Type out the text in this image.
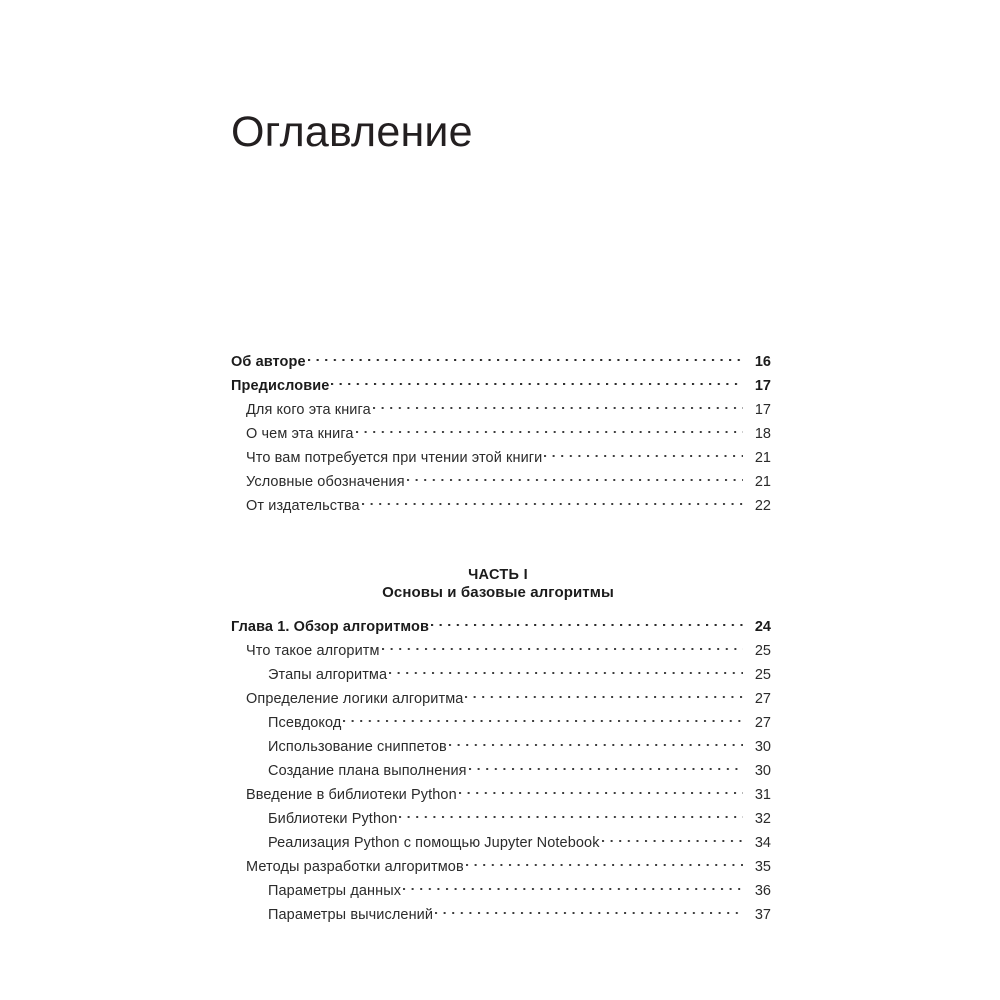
Оглавление
Об авторе	16
Предисловие	17
Для кого эта книга	17
О чем эта книга	18
Что вам потребуется при чтении этой книги	21
Условные обозначения	21
От издательства	22
ЧАСТЬ I
Основы и базовые алгоритмы
Глава 1. Обзор алгоритмов	24
Что такое алгоритм	25
Этапы алгоритма	25
Определение логики алгоритма	27
Псевдокод	27
Использование сниппетов	30
Создание плана выполнения	30
Введение в библиотеки Python	31
Библиотеки Python	32
Реализация Python с помощью Jupyter Notebook	34
Методы разработки алгоритмов	35
Параметры данных	36
Параметры вычислений	37
